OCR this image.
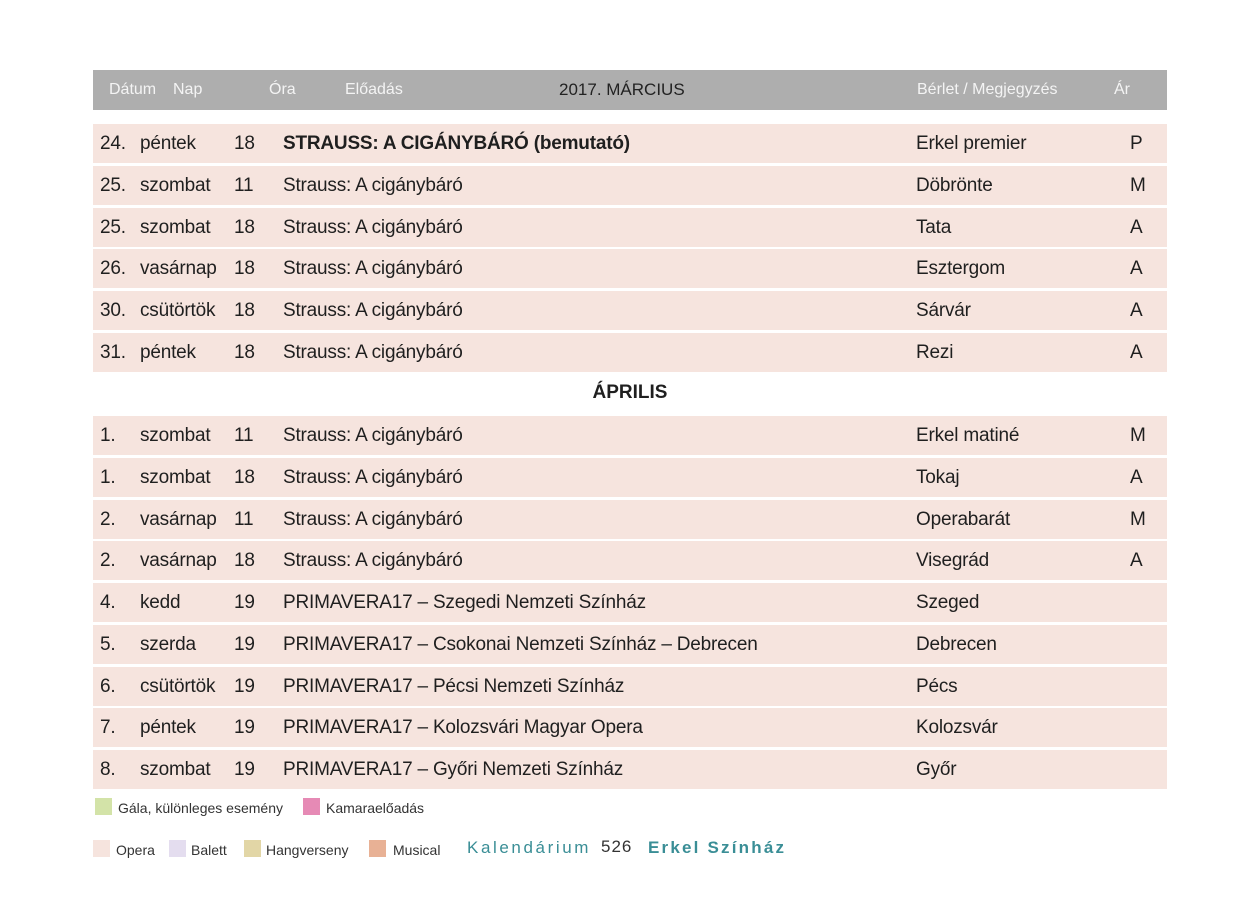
Dátum Nap	Óra	Előadás	2017. MÁRCIUS	Bérlet / Megjegyzés	Ár
24. péntek 18 STRAUSS: A CIGÁNYBÁRÓ (bemutató)	Erkel premier	P
25. szombat 11 Strauss: A cigánybáró	Döbrönte	M
25. szombat 18 Strauss: A cigánybáró	Tata	A
26. vasárnap 18 Strauss: A cigánybáró	Esztergom	A
30. csütörtök 18 Strauss: A cigánybáró	Sárvár	A
31. péntek 18 Strauss: A cigánybáró	Rezi	A
ÁPRILIS
1. szombat 11 Strauss: A cigánybáró	Erkel matiné	M
1. szombat 18 Strauss: A cigánybáró	Tokaj	A
2. vasárnap 11 Strauss: A cigánybáró	Operabarát	M
2. vasárnap 18 Strauss: A cigánybáró	Visegrád	A
4. kedd	19 PRIMAVERA17 – Szegedi Nemzeti Színház	Szeged
5. szerda 19 PRIMAVERA17 – Csokonai Nemzeti Színház – Debrecen	Debrecen
6. csütörtök 19 PRIMAVERA17 – Pécsi Nemzeti Színház	Pécs
7. péntek 19 PRIMAVERA17 – Kolozsvári Magyar Opera	Kolozsvár
8. szombat 19 PRIMAVERA17 – Győri Nemzeti Színház	Győr
Gála, különleges esemény	Kamaraelőadás
Opera	Balett	Hangverseny	Musical Kalendárium 526 Erkel Színház
